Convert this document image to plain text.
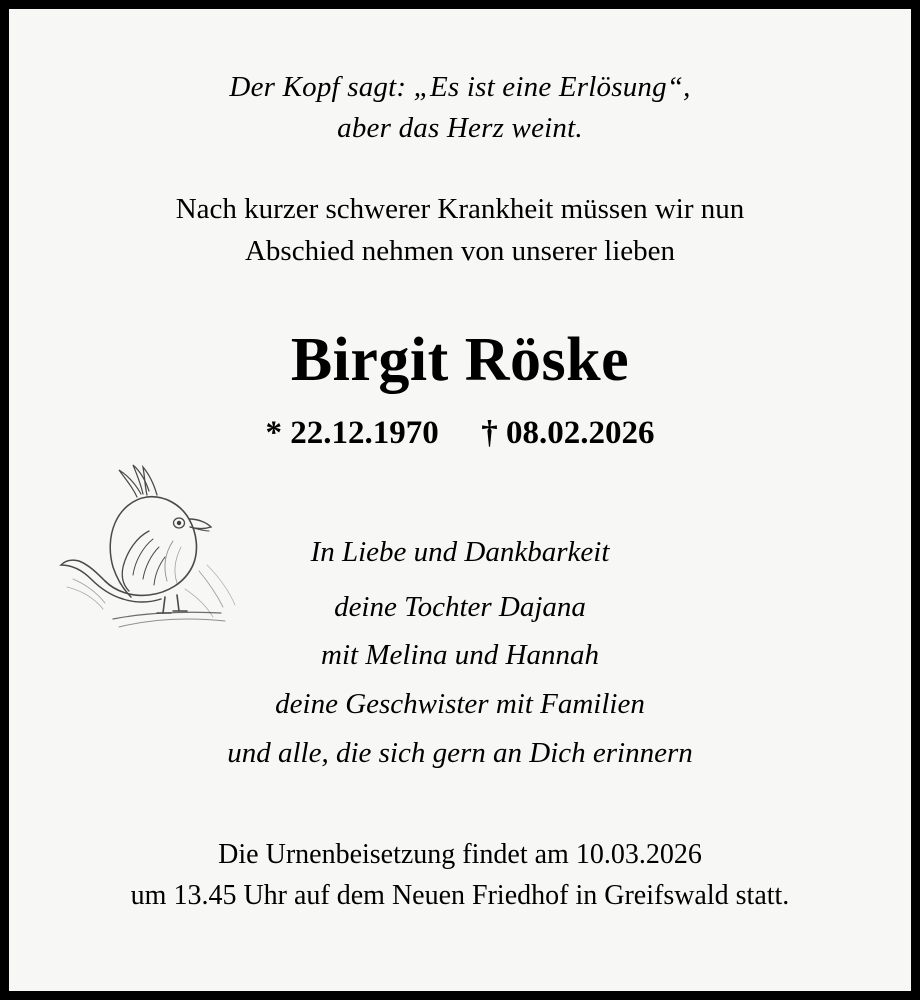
Der Kopf sagt: „Es ist eine Erlösung“,
aber das Herz weint.
Nach kurzer schwerer Krankheit müssen wir nun
Abschied nehmen von unserer lieben
Birgit Röske
* 22.12.1970 † 08.02.2026
In Liebe und Dankbarkeit
deine Tochter Dajana
mit Melina und Hannah
deine Geschwister mit Familien
und alle, die sich gern an Dich erinnern
Die Urnenbeisetzung findet am 10.03.2026
um 13.45 Uhr auf dem Neuen Friedhof in Greifswald statt.
